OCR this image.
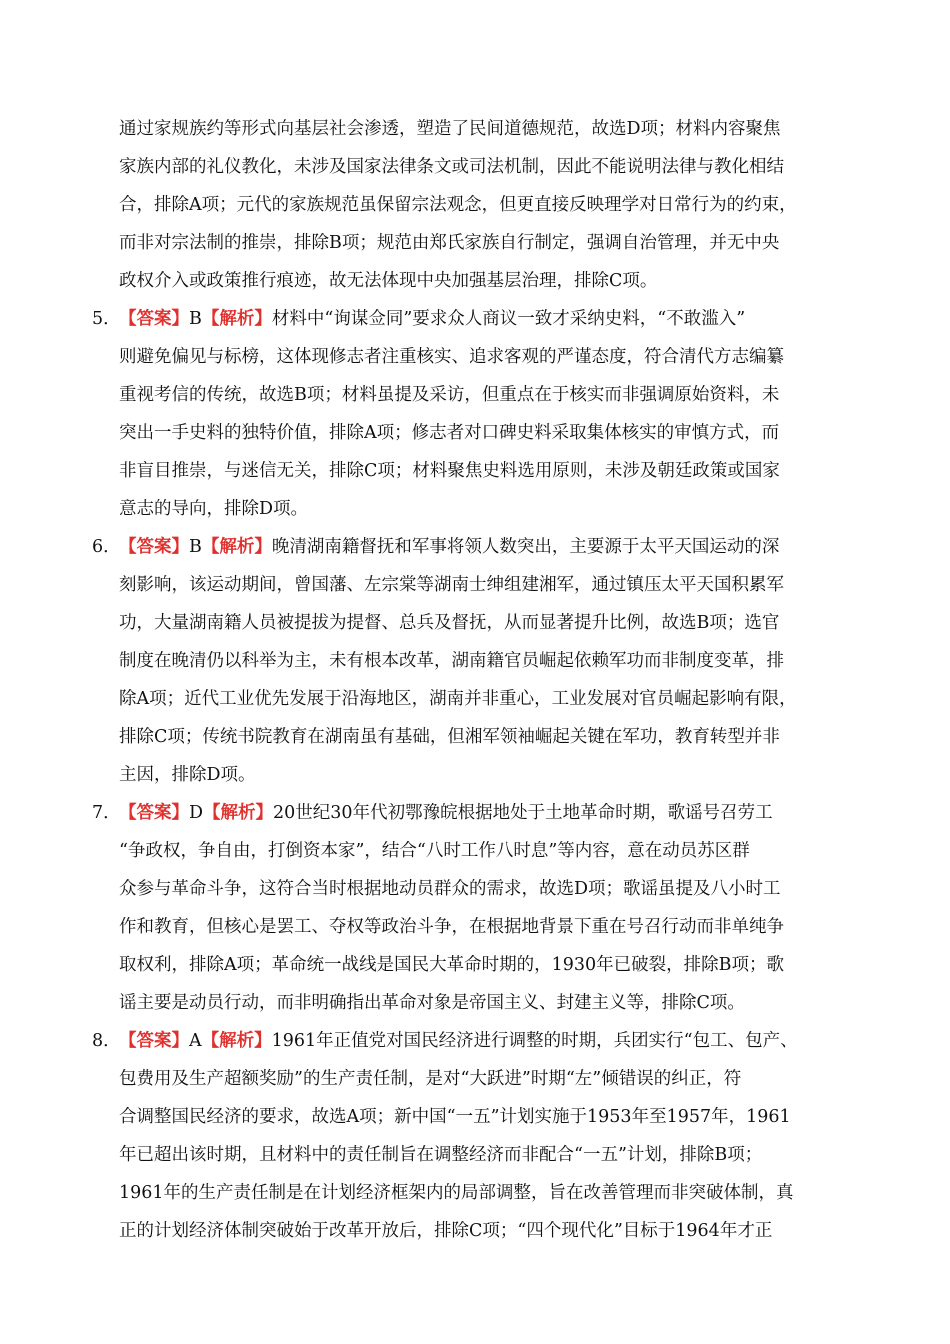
通过家规族约等形式向基层社会渗透，塑造了民间道德规范，故选D项；材料内容聚焦
家族内部的礼仪教化，未涉及国家法律条文或司法机制，因此不能说明法律与教化相结
合，排除A项；元代的家族规范虽保留宗法观念，但更直接反映理学对日常行为的约束，
而非对宗法制的推崇，排除B项；规范由郑氏家族自行制定，强调自治管理，并无中央
政权介入或政策推行痕迹，故无法体现中央加强基层治理，排除C项。
5．
【答案】B【解析】材料中“询谋佥同”要求众人商议一致才采纳史料，“不敢滥入”
则避免偏见与标榜，这体现修志者注重核实、追求客观的严谨态度，符合清代方志编纂
重视考信的传统，故选B项；材料虽提及采访，但重点在于核实而非强调原始资料，未
突出一手史料的独特价值，排除A项；修志者对口碑史料采取集体核实的审慎方式，而
非盲目推崇，与迷信无关，排除C项；材料聚焦史料选用原则，未涉及朝廷政策或国家
意志的导向，排除D项。
6．
【答案】B【解析】晚清湖南籍督抚和军事将领人数突出，主要源于太平天国运动的深
刻影响，该运动期间，曾国藩、左宗棠等湖南士绅组建湘军，通过镇压太平天国积累军
功，大量湖南籍人员被提拔为提督、总兵及督抚，从而显著提升比例，故选B项；选官
制度在晚清仍以科举为主，未有根本改革，湖南籍官员崛起依赖军功而非制度变革，排
除A项；近代工业优先发展于沿海地区，湖南并非重心，工业发展对官员崛起影响有限，
排除C项；传统书院教育在湖南虽有基础，但湘军领袖崛起关键在军功，教育转型并非
主因，排除D项。
7．
【答案】D【解析】20世纪30年代初鄂豫皖根据地处于土地革命时期，歌谣号召劳工
“争政权，争自由，打倒资本家”，结合“八时工作八时息”等内容，意在动员苏区群
众参与革命斗争，这符合当时根据地动员群众的需求，故选D项；歌谣虽提及八小时工
作和教育，但核心是罢工、夺权等政治斗争，在根据地背景下重在号召行动而非单纯争
取权利，排除A项；革命统一战线是国民大革命时期的，1930年已破裂，排除B项；歌
谣主要是动员行动，而非明确指出革命对象是帝国主义、封建主义等，排除C项。
8．
【答案】A【解析】1961年正值党对国民经济进行调整的时期，兵团实行“包工、包产、
包费用及生产超额奖励”的生产责任制，是对“大跃进”时期“左”倾错误的纠正，符
合调整国民经济的要求，故选A项；新中国“一五”计划实施于1953年至1957年，1961
年已超出该时期，且材料中的责任制旨在调整经济而非配合“一五”计划，排除B项；
1961年的生产责任制是在计划经济框架内的局部调整，旨在改善管理而非突破体制，真
正的计划经济体制突破始于改革开放后，排除C项；“四个现代化”目标于1964年才正
